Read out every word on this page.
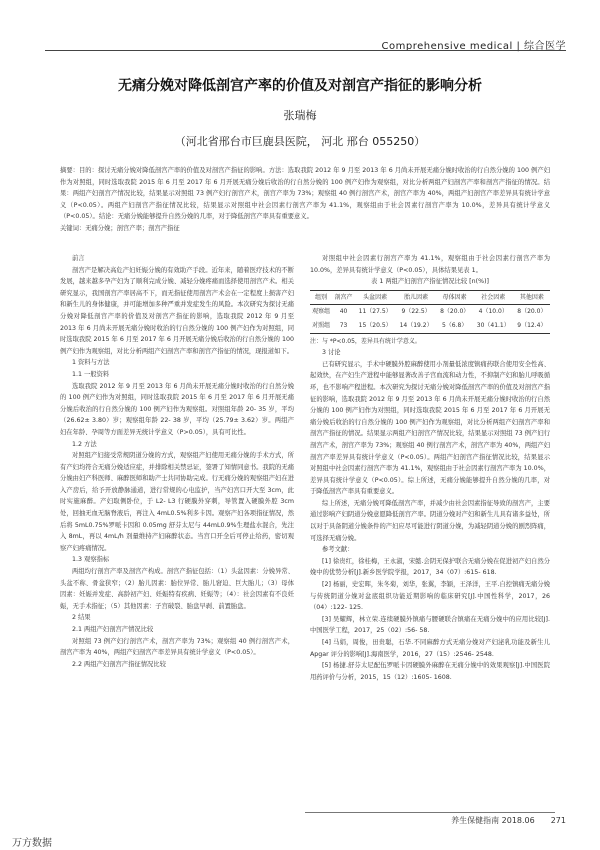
Comprehensive medical | 综合医学
无痛分娩对降低剖宫产率的价值及对剖宫产指征的影响分析
张瑞梅
（河北省邢台市巨鹿县医院， 河北 邢台 055250）

摘要：目的：探讨无痛分娩对降低剖宫产率的价值及对剖宫产指征的影响。方法：选取我院 2012 年 9 月至 2013 年 6 月尚未开展无痛分娩时收治的行自然分娩的 100 例产妇作为对照组，同时选取我院 2015 年 6 月至 2017 年 6 月开展无痛分娩后收治的行自然分娩的 100 例产妇作为观察组，对比分析两组产妇剖宫产率和剖宫产指征的情况。结果：两组产妇剖宫产情况比较，结果显示对照组 73 例产妇行剖宫产术，剖宫产率为 73%；观察组 40 例行剖宫产术，剖宫产率为 40%，两组产妇剖宫产率差异具有统计学意义（P<0.05）。两组产妇剖宫产指征情况比较，结果显示对照组中社会因素行剖宫产率为 41.1%，观察组由于社会因素行剖宫产率为 10.0%，差异具有统计学意义（P<0.05）。结论：无痛分娩能够提升自然分娩的几率，对于降低剖宫产率具有重要意义。

关键词：无痛分娩；剖宫产率；剖宫产指征

前言

剖宫产是解决高危产妇妊娠分娩的有效助产手段。近年来，随着医疗技术的不断发展，越来越多孕产妇为了顺利完成分娩、减轻分娩疼痛而选择使用剖宫产术。相关研究显示，我国剖宫产率居高不下，而无指征使用剖宫产术会在一定程度上损害产妇和新生儿的身体健康，并可能增加多种严重并发症发生的风险。本次研究为探讨无痛分娩对降低剖宫产率的价值及对剖宫产指征的影响，选取我院 2012 年 9 月至 2013 年 6 月尚未开展无痛分娩时收治的行自然分娩的 100 例产妇作为对照组，同时选取我院 2015 年 6 月至 2017 年 6 月开展无痛分娩后收治的行自然分娩的 100 例产妇作为观察组，对比分析两组产妇剖宫产率和剖宫产指征的情况，现报道如下。

1 资料与方法

1.1 一般资料

选取我院 2012 年 9 月至 2013 年 6 月尚未开展无痛分娩时收治的行自然分娩的 100 例产妇作为对照组，同时选取我院 2015 年 6 月至 2017 年 6 月开展无痛分娩后收治的行自然分娩的 100 例产妇作为观察组。对照组年龄 20- 35 岁，平均（26.62± 3.80）岁；观察组年龄 22- 38 岁，平均（25.79± 3.62）岁。两组产妇在年龄、孕周等方面差异无统计学意义（P>0.05），具有可比性。

1.2 方法

对照组产妇接受常规阴道分娩的方式，观察组产妇使用无痛分娩的手术方式，所有产妇均符合无痛分娩适应症，并排除相关禁忌证，签署了知情同意书。我院的无痛分娩由妇产科医师、麻醉医师和助产士共同协助完成。行无痛分娩的观察组产妇在进入产房后，给予开放静脉通道，进行常规的心电监护，当产妇宫口开大至 3cm，此时实施麻醉。产妇取侧卧位，于 L2- L3 行硬膜外穿刺，导管置入硬膜外腔 3cm 处，回抽无血无脑脊液后，再注入 4mL0.5%利多卡因。观察产妇各项指征情况，然后将 5mL0.75%罗哌卡因和 0.05mg 舒芬太尼与 44mL0.9%生理盐水混合，先注入 8mL，再以 4mL/h 剂量维持产妇麻醉状态。当宫口开全后可停止给药，密切观察产妇疼痛情况。

1.3 观察指标

两组均行剖宫产率及剖宫产构成。剖宫产指征包括：（1）头盆因素：分娩异常、头盆不称、骨盆狭窄；（2）胎儿因素：胎位异常、胎儿窘迫、巨大胎儿；（3）母体因素：妊娠并发症、高龄初产妇、妊娠特有疾病、妊娠等；（4）：社会因素有不良妊娠，无手术指征；（5）其他因素：子宫破裂、胎盘早剥、前置胎盘。

2 结果

2.1 两组产妇剖宫产情况比较

对照组 73 例产妇行剖宫产术，剖宫产率为 73%；观察组 40 例行剖宫产术，剖宫产率为 40%，两组产妇剖宫产率差异具有统计学意义（P<0.05）。

2.2 两组产妇剖宫产指征情况比较

对照组中社会因素行剖宫产率为 41.1%，观察组由于社会因素行剖宫产率为 10.0%，差异具有统计学意义（P<0.05），具体结果见表 1。

表 1 两组产妇剖宫产指征情况比较 [n(%)]

组别	剖宫产	头盆因素	胎儿因素	母体因素	社会因素	其他因素
观察组	40	11（27.5）	9（22.5）	8（20.0）	4（10.0）	8（20.0）
对照组	73	15（20.5）	14（19.2）	5（6.8）	30（41.1）	9（12.4）

注：与 *P<0.05，差异具有统计学意义。

3 讨论

已有研究显示，手术中硬膜外腔麻醉使用小剂量低浓度镇痛药联合使用安全性高、起效快，在产妇生产进程中能够显著改善子宫血流和动力性，不抑制产妇和胎儿呼吸循环，也不影响产程进程。本次研究为探讨无痛分娩对降低剖宫产率的价值及对剖宫产指征的影响，选取我院 2012 年 9 月至 2013 年 6 月尚未开展无痛分娩时收治的行自然分娩的 100 例产妇作为对照组，同时选取我院 2015 年 6 月至 2017 年 6 月开展无痛分娩后收治的行自然分娩的 100 例产妇作为观察组，对比分析两组产妇剖宫产率和剖宫产指征的情况。结果显示两组产妇剖宫产情况比较，结果显示对照组 73 例产妇行剖宫产术，剖宫产率为 73%；观察组 40 例行剖宫产术，剖宫产率为 40%，两组产妇剖宫产率差异具有统计学意义（P<0.05）。两组产妇剖宫产指征情况比较，结果显示对照组中社会因素行剖宫产率为 41.1%，观察组由于社会因素行剖宫产率为 10.0%，差异具有统计学意义（P<0.05）。综上所述，无痛分娩能够提升自然分娩的几率，对于降低剖宫产率具有重要意义。

综上所述，无痛分娩可降低剖宫产率，并减少由社会因素指征导致的剖宫产，主要通过影响产妇阴道分娩意愿降低剖宫产率。阴道分娩对产妇和新生儿具有诸多益处，所以对于具备阴道分娩条件的产妇应尽可能进行阴道分娩，为减轻阴道分娩的剧烈阵痛，可选择无痛分娩。

参考文献：

[1] 徐贵红，徐桂梅，王永淑，宋懿.会阴无保护联合无痛分娩在促进初产妇自然分娩中的优势分析[J].新乡医学院学报，2017，34（07）:615- 618.

[2] 杨丽，史宏晖，朱冬菊，刘华，张翼，李颖，王泽洋，王平.自控镇痛无痛分娩与传统阴道分娩对盆底组织功能近期影响的临床研究[J].中国性科学，2017，26（04）:122- 125.

[3] 吴耀辉，林立荣.连续硬膜外镇痛与腰硬联合镇痛在无痛分娩中的应用比较[J].中国医学工程，2017，25（02）:56- 58.

[4] 马娟，周俊，田贵聪，石华.不同麻醉方式无痛分娩对产妇泌乳功能及新生儿 Apgar 评分的影响[J].海南医学，2016，27（15）:2546- 2548.

[5] 杨捷.舒芬太尼配伍罗哌卡因硬膜外麻醉在无痛分娩中的效果观察[J].中国医院用药评价与分析，2015，15（12）:1605- 1608.

养生保健指南 2018.06 271
万方数据
